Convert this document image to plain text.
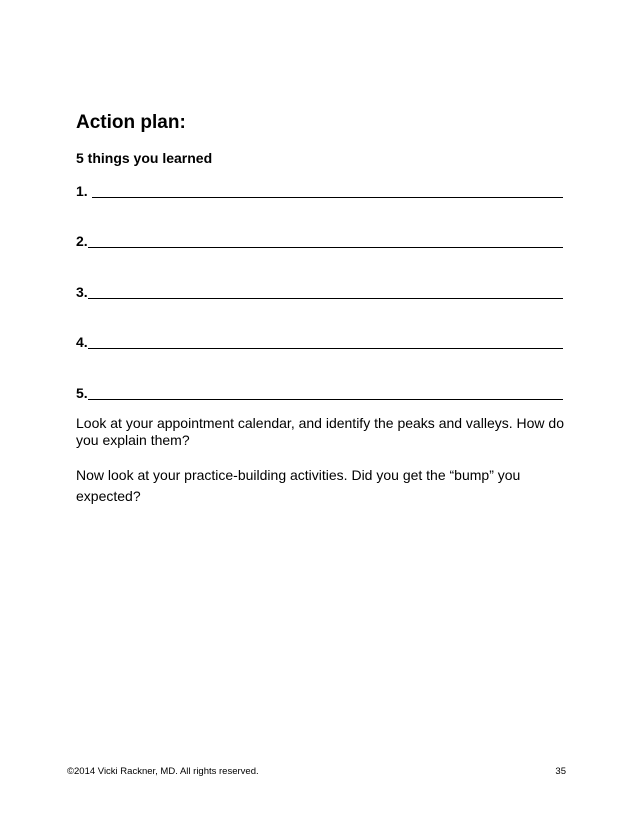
Action plan:
5 things you learned
1.
2.
3.
4.
5.
Look at your appointment calendar, and identify the peaks and valleys. How do you explain them?
Now look at your practice-building activities. Did you get the “bump” you expected?
©2014 Vicki Rackner, MD. All rights reserved.	35
